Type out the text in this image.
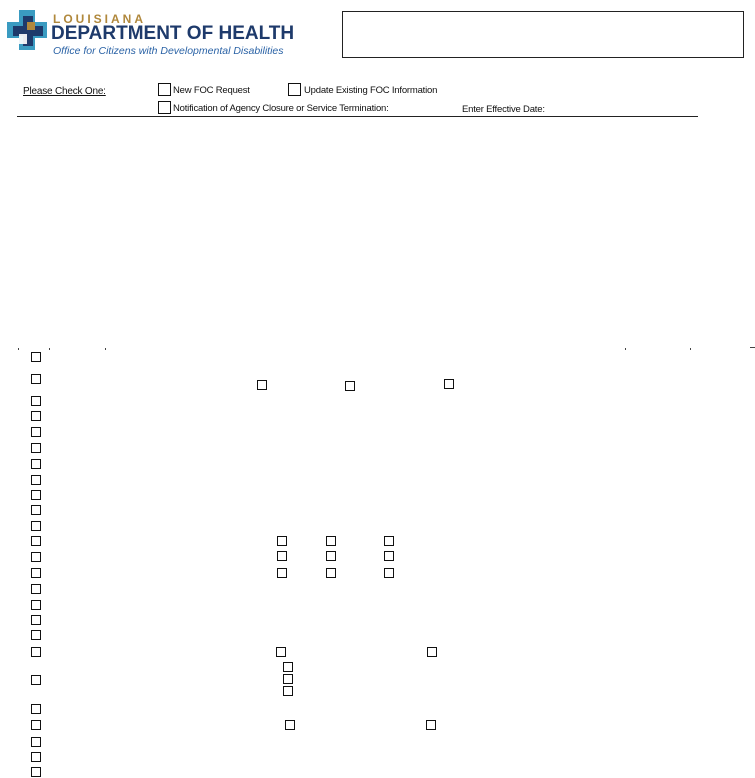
LOUISIANA
DEPARTMENT OF HEALTH
Office for Citizens with Developmental Disabilities
Please Check One:	New FOC Request	Update Existing FOC Information
Notification of Agency Closure or Service Termination:	Enter Effective Date:
